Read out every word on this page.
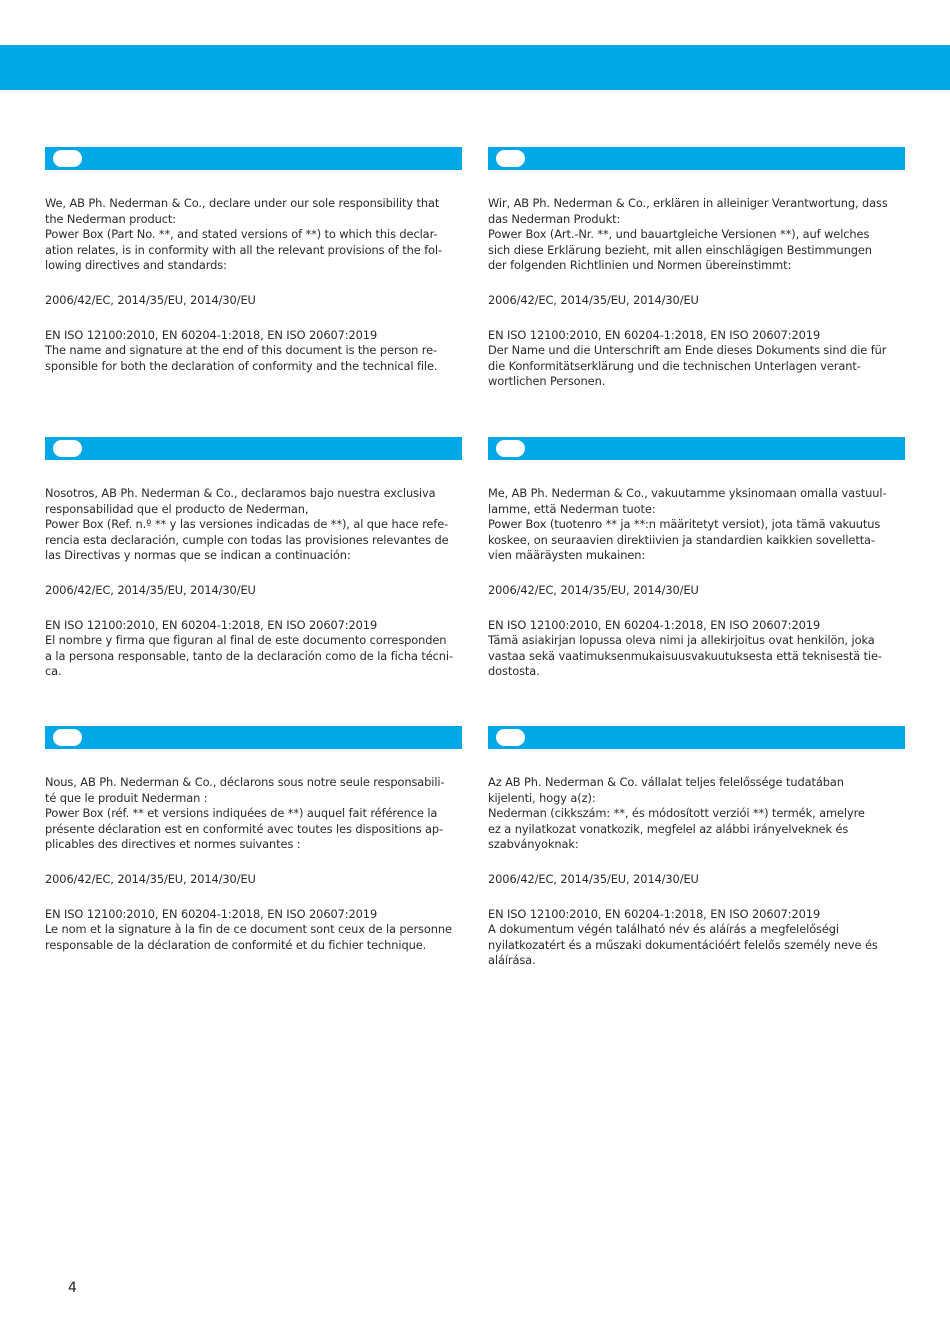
We, AB Ph. Nederman & Co., declare under our sole responsibility that
the Nederman product:
Power Box (Part No. **, and stated versions of **) to which this declar-
ation relates, is in conformity with all the relevant provisions of the fol-
lowing directives and standards:

2006/42/EC, 2014/35/EU, 2014/30/EU

EN ISO 12100:2010, EN 60204-1:2018, EN ISO 20607:2019

The name and signature at the end of this document is the person re-
sponsible for both the declaration of conformity and the technical file.

Wir, AB Ph. Nederman & Co., erklären in alleiniger Verantwortung, dass
das Nederman Produkt:
Power Box (Art.-Nr. **, und bauartgleiche Versionen **), auf welches
sich diese Erklärung bezieht, mit allen einschlägigen Bestimmungen
der folgenden Richtlinien und Normen übereinstimmt:

2006/42/EC, 2014/35/EU, 2014/30/EU

EN ISO 12100:2010, EN 60204-1:2018, EN ISO 20607:2019

Der Name und die Unterschrift am Ende dieses Dokuments sind die für
die Konformitätserklärung und die technischen Unterlagen verant-
wortlichen Personen.

Nosotros, AB Ph. Nederman & Co., declaramos bajo nuestra exclusiva
responsabilidad que el producto de Nederman,
Power Box (Ref. n.º ** y las versiones indicadas de **), al que hace refe-
rencia esta declaración, cumple con todas las provisiones relevantes de
las Directivas y normas que se indican a continuación:

2006/42/EC, 2014/35/EU, 2014/30/EU

EN ISO 12100:2010, EN 60204-1:2018, EN ISO 20607:2019

El nombre y firma que figuran al final de este documento corresponden
a la persona responsable, tanto de la declaración como de la ficha técni-
ca.

Me, AB Ph. Nederman & Co., vakuutamme yksinomaan omalla vastuul-
lamme, että Nederman tuote:
Power Box (tuotenro ** ja **:n määritetyt versiot), jota tämä vakuutus
koskee, on seuraavien direktiivien ja standardien kaikkien sovelletta-
vien määräysten mukainen:

2006/42/EC, 2014/35/EU, 2014/30/EU

EN ISO 12100:2010, EN 60204-1:2018, EN ISO 20607:2019

Tämä asiakirjan lopussa oleva nimi ja allekirjoitus ovat henkilön, joka
vastaa sekä vaatimuksenmukaisuusvakuutuksesta että teknisestä tie-
dostosta.

Nous, AB Ph. Nederman & Co., déclarons sous notre seule responsabili-
té que le produit Nederman :
Power Box (réf. ** et versions indiquées de **) auquel fait référence la
présente déclaration est en conformité avec toutes les dispositions ap-
plicables des directives et normes suivantes :

2006/42/EC, 2014/35/EU, 2014/30/EU

EN ISO 12100:2010, EN 60204-1:2018, EN ISO 20607:2019

Le nom et la signature à la fin de ce document sont ceux de la personne
responsable de la déclaration de conformité et du fichier technique.

Az AB Ph. Nederman & Co. vállalat teljes felelőssége tudatában
kijelenti, hogy a(z):
Nederman (cikkszám: **, és módosított verziói **) termék, amelyre
ez a nyilatkozat vonatkozik, megfelel az alábbi irányelveknek és
szabványoknak:

2006/42/EC, 2014/35/EU, 2014/30/EU

EN ISO 12100:2010, EN 60204-1:2018, EN ISO 20607:2019

A dokumentum végén található név és aláírás a megfelelőségi
nyilatkozatért és a műszaki dokumentációért felelős személy neve és
aláírása.

4
